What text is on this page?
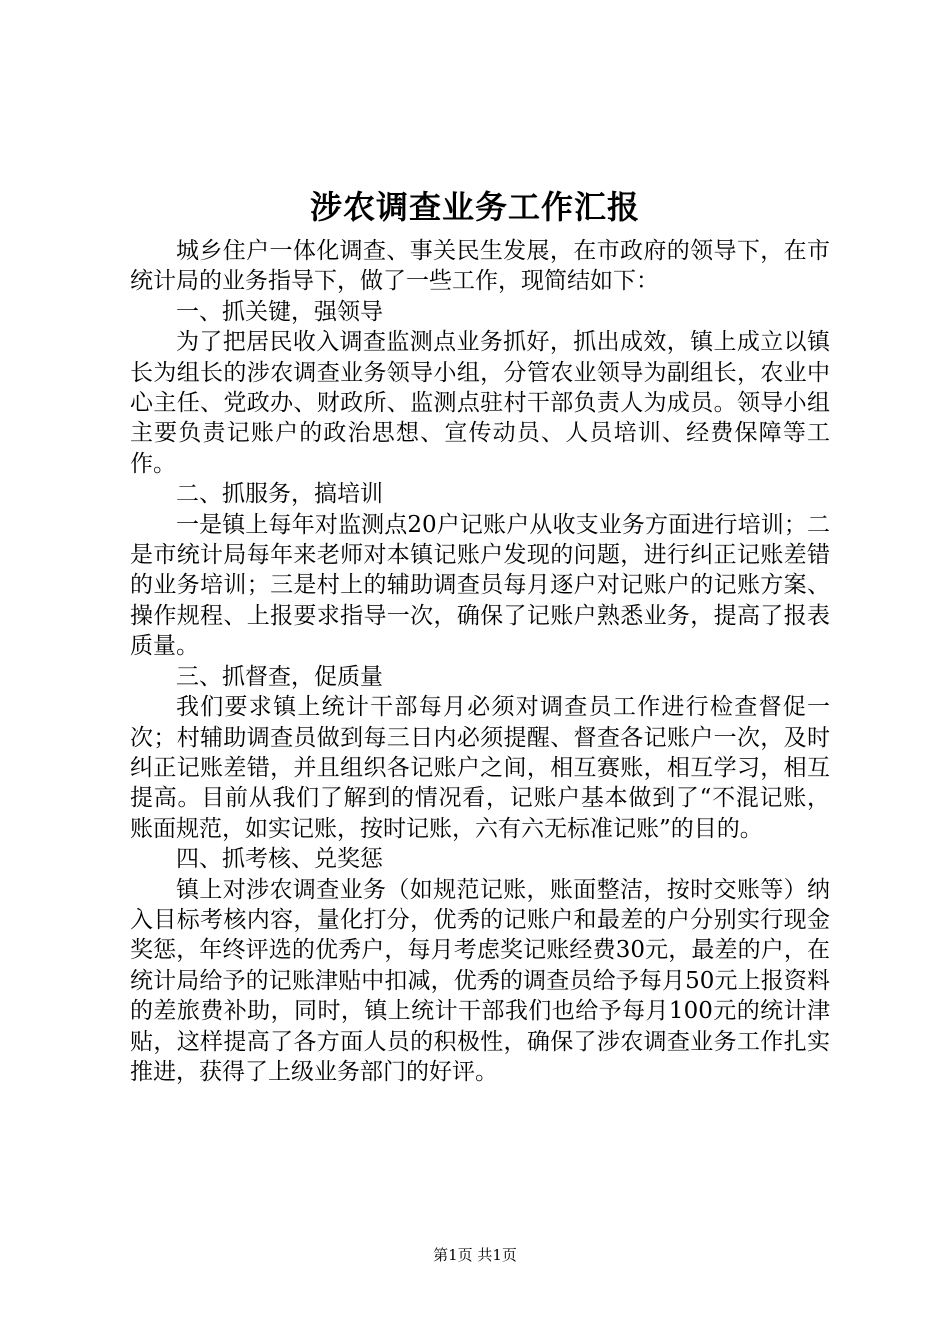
涉农调查业务工作汇报

城乡住户一体化调查、事关民生发展，在市政府的领导下，在市统计局的业务指导下，做了一些工作，现简结如下：

一、抓关键，强领导

为了把居民收入调查监测点业务抓好，抓出成效，镇上成立以镇长为组长的涉农调查业务领导小组，分管农业领导为副组长，农业中心主任、党政办、财政所、监测点驻村干部负责人为成员。领导小组主要负责记账户的政治思想、宣传动员、人员培训、经费保障等工作。

二、抓服务，搞培训

一是镇上每年对监测点20户记账户从收支业务方面进行培训；二是市统计局每年来老师对本镇记账户发现的问题，进行纠正记账差错的业务培训；三是村上的辅助调查员每月逐户对记账户的记账方案、操作规程、上报要求指导一次，确保了记账户熟悉业务，提高了报表质量。

三、抓督查，促质量

我们要求镇上统计干部每月必须对调查员工作进行检查督促一次；村辅助调查员做到每三日内必须提醒、督查各记账户一次，及时纠正记账差错，并且组织各记账户之间，相互赛账，相互学习，相互提高。目前从我们了解到的情况看，记账户基本做到了“不混记账，账面规范，如实记账，按时记账，六有六无标准记账”的目的。

四、抓考核、兑奖惩

镇上对涉农调查业务（如规范记账，账面整洁，按时交账等）纳入目标考核内容，量化打分，优秀的记账户和最差的户分别实行现金奖惩，年终评选的优秀户，每月考虑奖记账经费30元，最差的户，在统计局给予的记账津贴中扣减，优秀的调查员给予每月50元上报资料的差旅费补助，同时，镇上统计干部我们也给予每月100元的统计津贴，这样提高了各方面人员的积极性，确保了涉农调查业务工作扎实推进，获得了上级业务部门的好评。

第1页 共1页
